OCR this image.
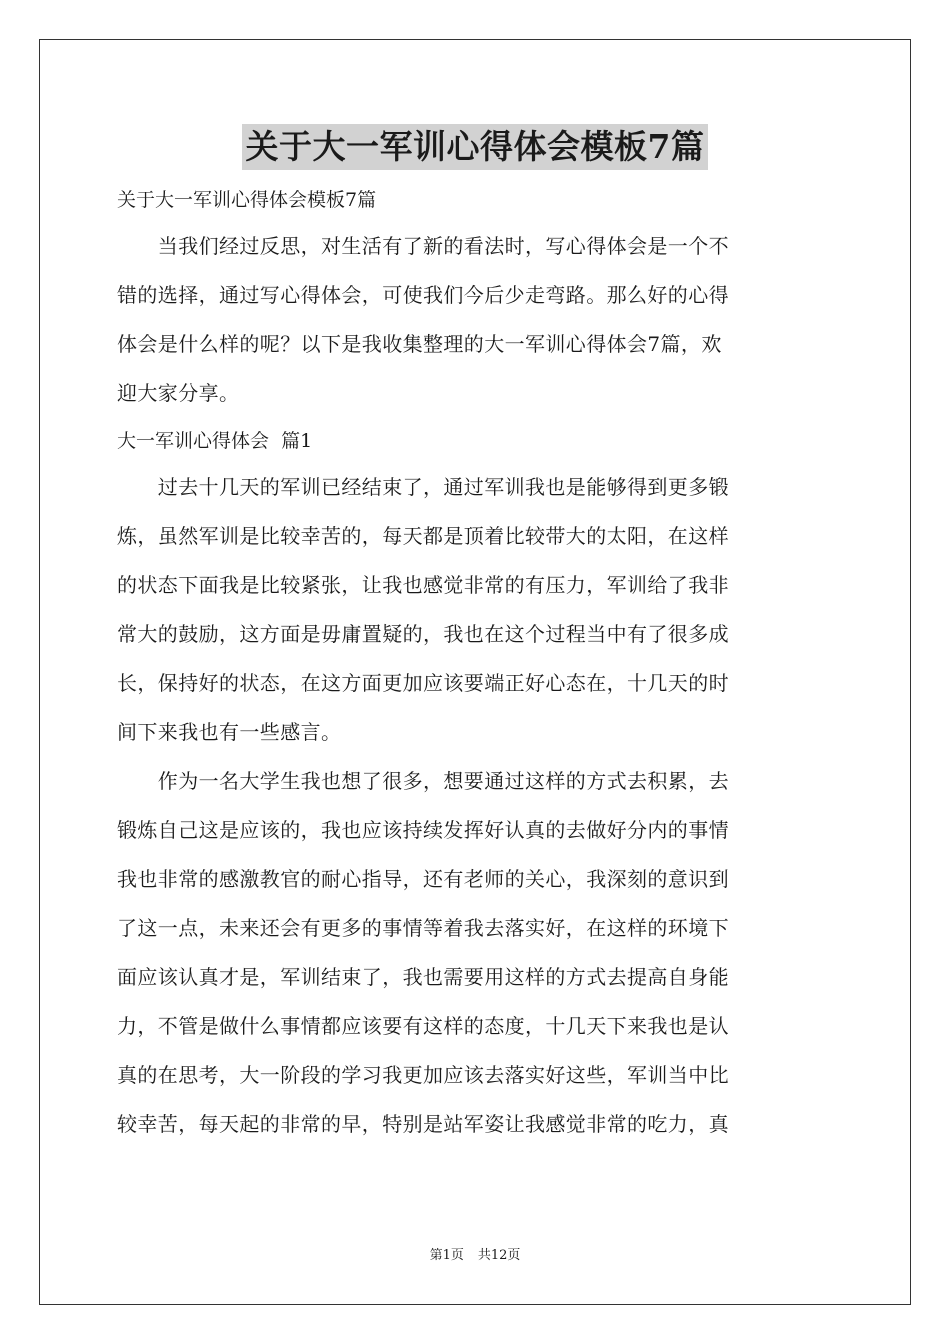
关于大一军训心得体会模板7篇
关于大一军训心得体会模板7篇
　　当我们经过反思，对生活有了新的看法时，写心得体会是一个不
错的选择，通过写心得体会，可使我们今后少走弯路。那么好的心得
体会是什么样的呢？以下是我收集整理的大一军训心得体会7篇，欢
迎大家分享。
大一军训心得体会  篇1
　　过去十几天的军训已经结束了，通过军训我也是能够得到更多锻
炼，虽然军训是比较幸苦的，每天都是顶着比较带大的太阳，在这样
的状态下面我是比较紧张，让我也感觉非常的有压力，军训给了我非
常大的鼓励，这方面是毋庸置疑的，我也在这个过程当中有了很多成
长，保持好的状态，在这方面更加应该要端正好心态在，十几天的时
间下来我也有一些感言。
　　作为一名大学生我也想了很多，想要通过这样的方式去积累，去
锻炼自己这是应该的，我也应该持续发挥好认真的去做好分内的事情
我也非常的感激教官的耐心指导，还有老师的关心，我深刻的意识到
了这一点，未来还会有更多的事情等着我去落实好，在这样的环境下
面应该认真才是，军训结束了，我也需要用这样的方式去提高自身能
力，不管是做什么事情都应该要有这样的态度，十几天下来我也是认
真的在思考，大一阶段的学习我更加应该去落实好这些，军训当中比
较幸苦，每天起的非常的早，特别是站军姿让我感觉非常的吃力，真
第1页 共12页
